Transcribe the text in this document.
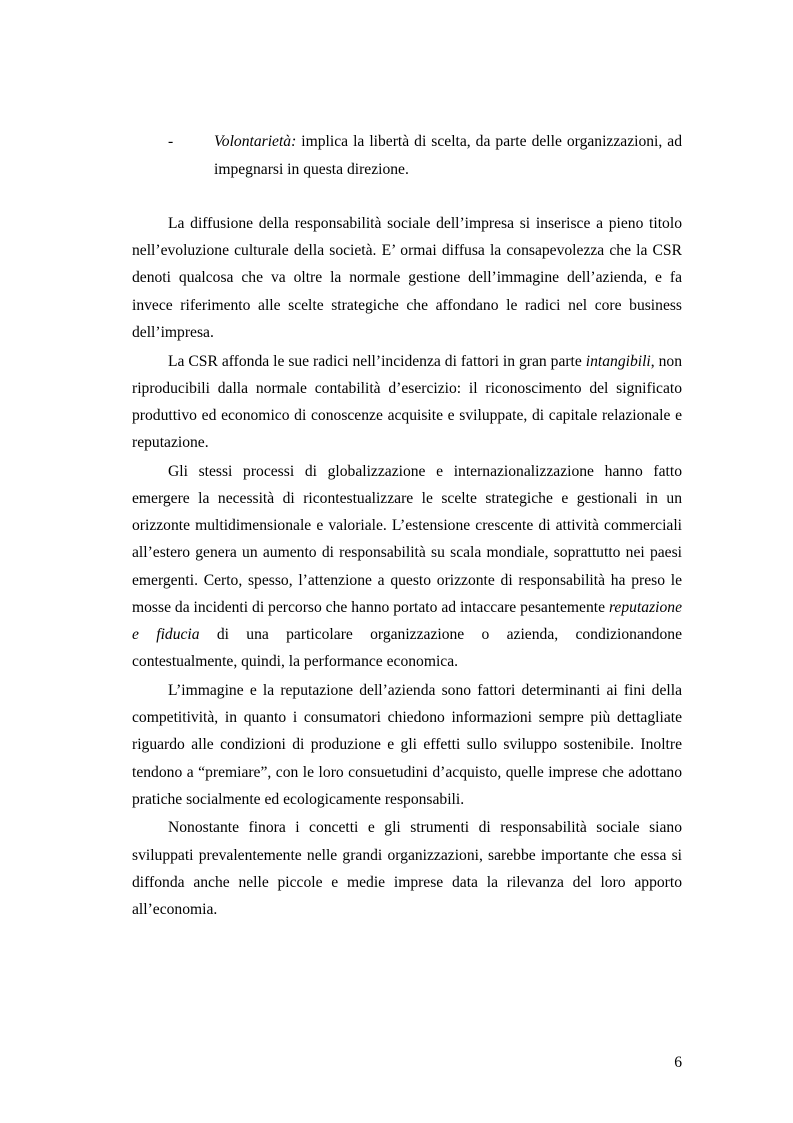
-	Volontarietà: implica la libertà di scelta, da parte delle organizzazioni, ad impegnarsi in questa direzione.

La diffusione della responsabilità sociale dell’impresa si inserisce a pieno titolo nell’evoluzione culturale della società. E’ ormai diffusa la consapevolezza che la CSR denoti qualcosa che va oltre la normale gestione dell’immagine dell’azienda, e fa invece riferimento alle scelte strategiche che affondano le radici nel core business dell’impresa.

La CSR affonda le sue radici nell’incidenza di fattori in gran parte intangibili, non riproducibili dalla normale contabilità d’esercizio: il riconoscimento del significato produttivo ed economico di conoscenze acquisite e sviluppate, di capitale relazionale e reputazione.

Gli stessi processi di globalizzazione e internazionalizzazione hanno fatto emergere la necessità di ricontestualizzare le scelte strategiche e gestionali in un orizzonte multidimensionale e valoriale. L’estensione crescente di attività commerciali all’estero genera un aumento di responsabilità su scala mondiale, soprattutto nei paesi emergenti. Certo, spesso, l’attenzione a questo orizzonte di responsabilità ha preso le mosse da incidenti di percorso che hanno portato ad intaccare pesantemente reputazione e fiducia di una particolare organizzazione o azienda, condizionandone contestualmente, quindi, la performance economica.

L’immagine e la reputazione dell’azienda sono fattori determinanti ai fini della competitività, in quanto i consumatori chiedono informazioni sempre più dettagliate riguardo alle condizioni di produzione e gli effetti sullo sviluppo sostenibile. Inoltre tendono a “premiare”, con le loro consuetudini d’acquisto, quelle imprese che adottano pratiche socialmente ed ecologicamente responsabili.

Nonostante finora i concetti e gli strumenti di responsabilità sociale siano sviluppati prevalentemente nelle grandi organizzazioni, sarebbe importante che essa si diffonda anche nelle piccole e medie imprese data la rilevanza del loro apporto all’economia.

6
